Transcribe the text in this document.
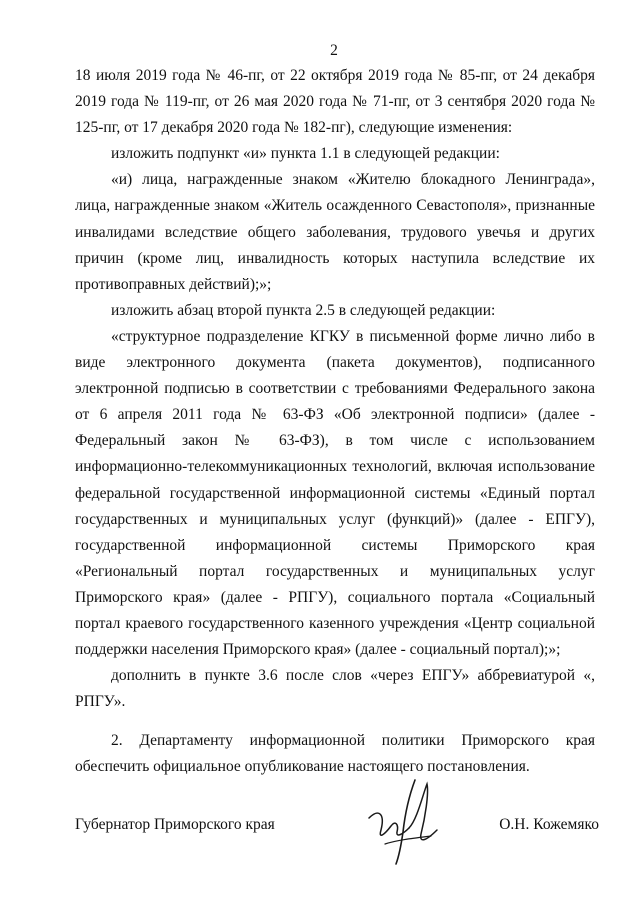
2

18 июля 2019 года № 46-пг, от 22 октября 2019 года № 85-пг, от 24 декабря 2019 года № 119-пг, от 26 мая 2020 года № 71-пг, от 3 сентября 2020 года № 125-пг, от 17 декабря 2020 года № 182-пг), следующие изменения:

изложить подпункт «и» пункта 1.1 в следующей редакции:

«и) лица, награжденные знаком «Жителю блокадного Ленинграда», лица, награжденные знаком «Житель осажденного Севастополя», признанные инвалидами вследствие общего заболевания, трудового увечья и других причин (кроме лиц, инвалидность которых наступила вследствие их противоправных действий);»;

изложить абзац второй пункта 2.5 в следующей редакции:

«структурное подразделение КГКУ в письменной форме лично либо в виде электронного документа (пакета документов), подписанного электронной подписью в соответствии с требованиями Федерального закона от 6 апреля 2011 года № 63-ФЗ «Об электронной подписи» (далее - Федеральный закон № 63-ФЗ), в том числе с использованием информационно-телекоммуникационных технологий, включая использование федеральной государственной информационной системы «Единый портал государственных и муниципальных услуг (функций)» (далее - ЕПГУ), государственной информационной системы Приморского края «Региональный портал государственных и муниципальных услуг Приморского края» (далее - РПГУ), социального портала «Социальный портал краевого государственного казенного учреждения «Центр социальной поддержки населения Приморского края» (далее - социальный портал);»;

дополнить в пункте 3.6 после слов «через ЕПГУ» аббревиатурой «, РПГУ».

2. Департаменту информационной политики Приморского края обеспечить официальное опубликование настоящего постановления.

Губернатор Приморского края	О.Н. Кожемяко
